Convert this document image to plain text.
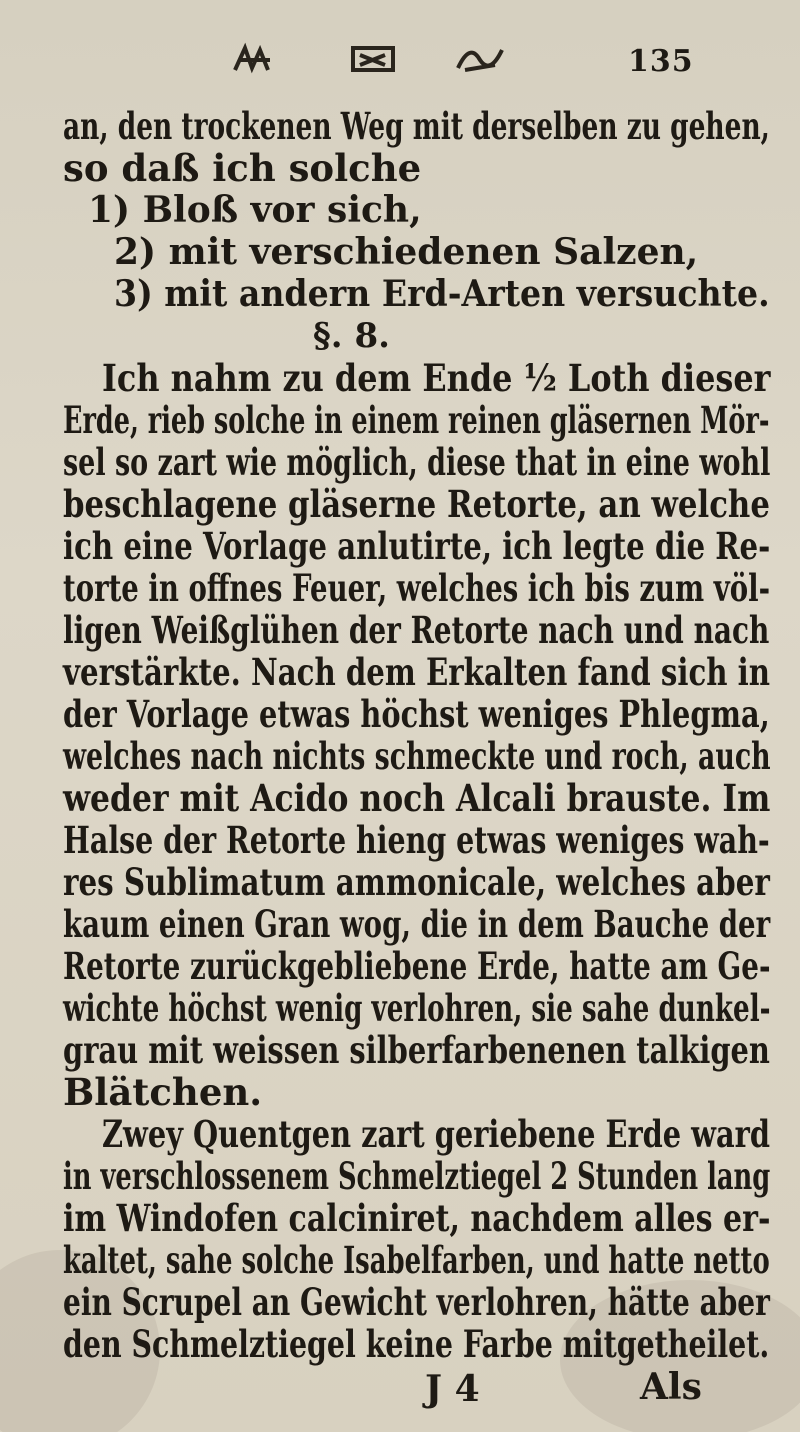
135
an, den trockenen Weg mit derselben zu gehen,
so daß ich solche
1) Bloß vor sich,
2) mit verschiedenen Salzen,
3) mit andern Erd-Arten versuchte.
§. 8.
Ich nahm zu dem Ende ½ Loth dieser
Erde, rieb solche in einem reinen gläsernen Mör-
sel so zart wie möglich, diese that in eine wohl
beschlagene gläserne Retorte, an welche
ich eine Vorlage anlutirte, ich legte die Re-
torte in offnes Feuer, welches ich bis zum völ-
ligen Weißglühen der Retorte nach und nach
verstärkte. Nach dem Erkalten fand sich in
der Vorlage etwas höchst weniges Phlegma,
welches nach nichts schmeckte und roch, auch
weder mit Acido noch Alcali brauste. Im
Halse der Retorte hieng etwas weniges wah-
res Sublimatum ammonicale, welches aber
kaum einen Gran wog, die in dem Bauche der
Retorte zurückgebliebene Erde, hatte am Ge-
wichte höchst wenig verlohren, sie sahe dunkel-
grau mit weissen silberfarbenenen talkigen
Blätchen.
Zwey Quentgen zart geriebene Erde ward
in verschlossenem Schmelztiegel 2 Stunden lang
im Windofen calciniret, nachdem alles er-
kaltet, sahe solche Isabelfarben, und hatte netto
ein Scrupel an Gewicht verlohren, hätte aber
den Schmelztiegel keine Farbe mitgetheilet.
J 4	Als
